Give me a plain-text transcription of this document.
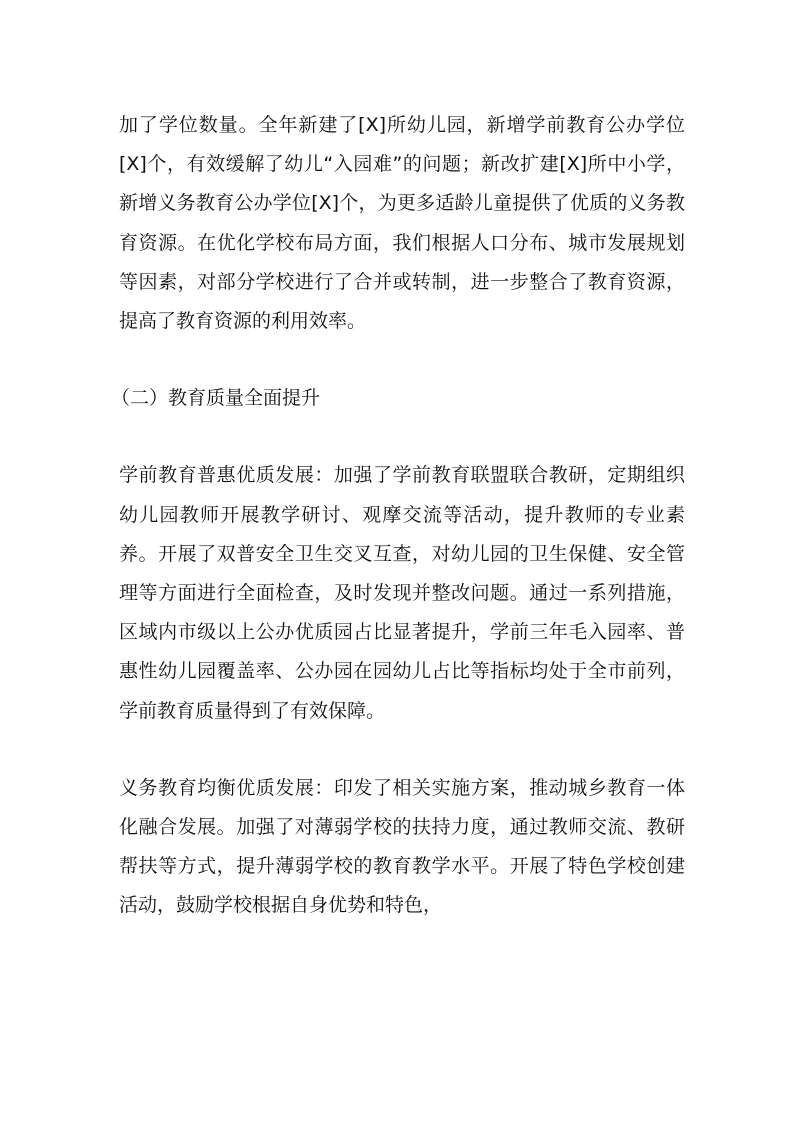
加了学位数量。全年新建了[X]所幼儿园，新增学前教育公办学位[X]个，有效缓解了幼儿“入园难”的问题；新改扩建[X]所中小学，新增义务教育公办学位[X]个，为更多适龄儿童提供了优质的义务教育资源。在优化学校布局方面，我们根据人口分布、城市发展规划等因素，对部分学校进行了合并或转制，进一步整合了教育资源，提高了教育资源的利用效率。

（二）教育质量全面提升

学前教育普惠优质发展：加强了学前教育联盟联合教研，定期组织幼儿园教师开展教学研讨、观摩交流等活动，提升教师的专业素养。开展了双普安全卫生交叉互查，对幼儿园的卫生保健、安全管理等方面进行全面检查，及时发现并整改问题。通过一系列措施，区域内市级以上公办优质园占比显著提升，学前三年毛入园率、普惠性幼儿园覆盖率、公办园在园幼儿占比等指标均处于全市前列，学前教育质量得到了有效保障。

义务教育均衡优质发展：印发了相关实施方案，推动城乡教育一体化融合发展。加强了对薄弱学校的扶持力度，通过教师交流、教研帮扶等方式，提升薄弱学校的教育教学水平。开展了特色学校创建活动，鼓励学校根据自身优势和特色，
